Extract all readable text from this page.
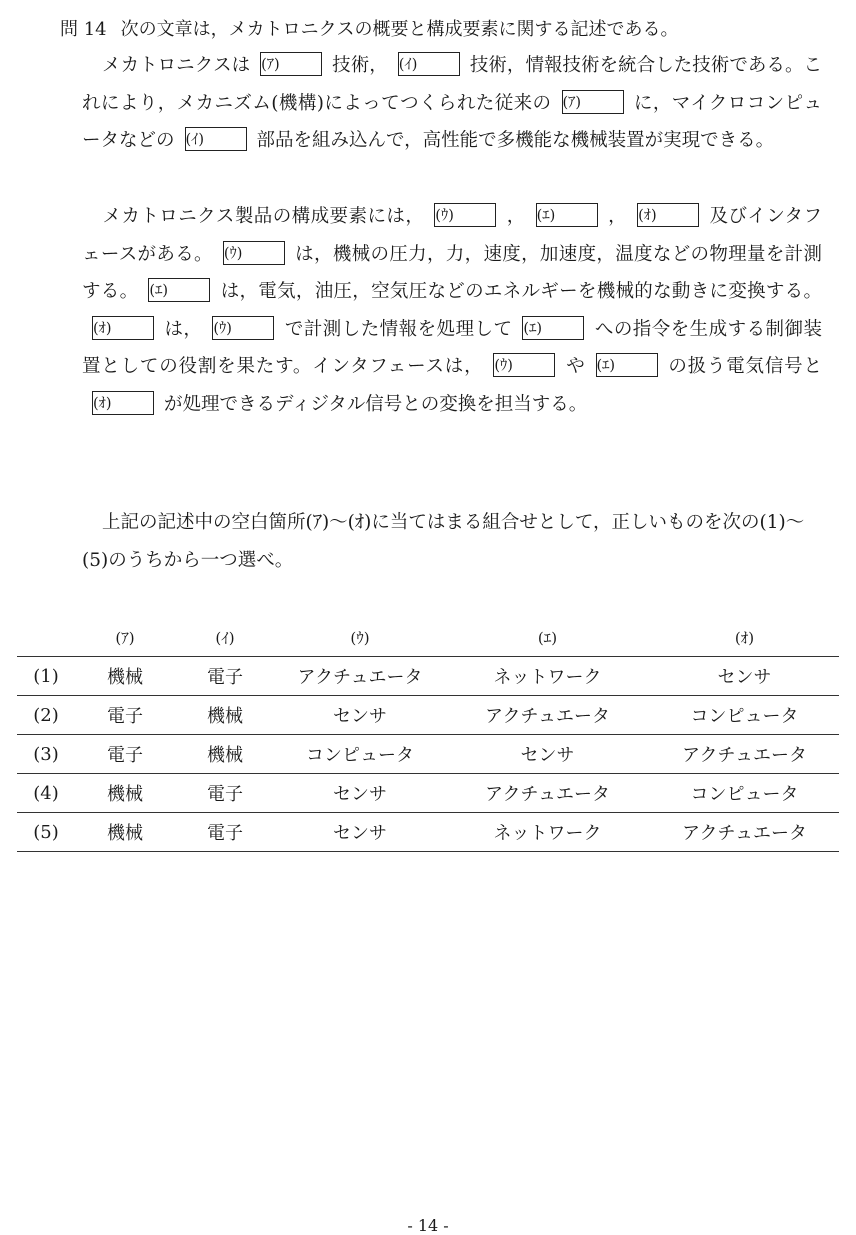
問 14 次の文章は，メカトロニクスの概要と構成要素に関する記述である。

メカトロニクスは (ｱ)	技術， (ｲ)	技術，情報技術を統合した技術である。これにより，メカニズム(機構)によってつくられた従来の (ｱ)	に，マイクロコンピュータなどの (ｲ)	部品を組み込んで，高性能で多機能な機械装置が実現できる。

メカトロニクス製品の構成要素には， (ｳ)	， (ｴ)	， (ｵ)	及びインタフェースがある。 (ｳ)	は，機械の圧力，力，速度，加速度，温度などの物理量を計測する。 (ｴ)	は，電気，油圧，空気圧などのエネルギーを機械的な動きに変換する。(ｵ)	は， (ｳ)	で計測した情報を処理して (ｴ)	への指令を生成する制御装置としての役割を果たす。インタフェースは， (ｳ)	や (ｴ)	の扱う電気信号と(ｵ)	が処理できるディジタル信号との変換を担当する。

上記の記述中の空白箇所(ｱ)～(ｵ)に当てはまる組合せとして，正しいものを次の(1)～(5)のうちから一つ選べ。

	(ｱ)	(ｲ)	(ｳ)	(ｴ)	(ｵ)
(1)	機械	電子	アクチュエータ	ネットワーク	センサ
(2)	電子	機械	センサ	アクチュエータ	コンピュータ
(3)	電子	機械	コンピュータ	センサ	アクチュエータ
(4)	機械	電子	センサ	アクチュエータ	コンピュータ
(5)	機械	電子	センサ	ネットワーク	アクチュエータ
- 14 -
